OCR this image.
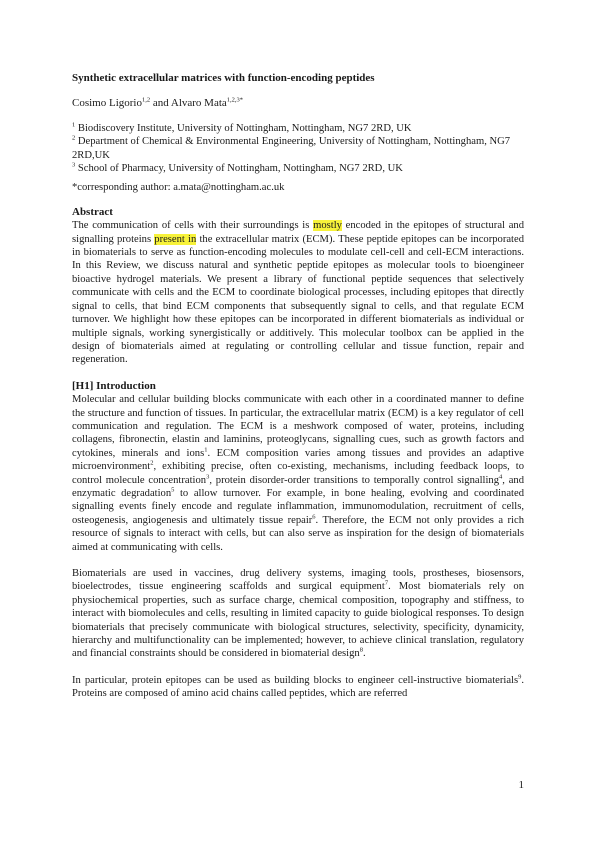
Synthetic extracellular matrices with function-encoding peptides

Cosimo Ligorio$^{1,2}$ and Alvaro Mata$^{1,2,3*}$

$^1$ Biodiscovery Institute, University of Nottingham, Nottingham, NG7 2RD, UK

$^2$ Department of Chemical & Environmental Engineering, University of Nottingham, Nottingham, NG7 2RD,UK

$^3$ School of Pharmacy, University of Nottingham, Nottingham, NG7 2RD, UK

*corresponding author: a.mata@nottingham.ac.uk

Abstract

The communication of cells with their surroundings is mostly encoded in the epitopes of structural and signalling proteins present in the extracellular matrix (ECM). These peptide epitopes can be incorporated in biomaterials to serve as function-encoding molecules to modulate cell-cell and cell-ECM interactions. In this Review, we discuss natural and synthetic peptide epitopes as molecular tools to bioengineer bioactive hydrogel materials. We present a library of functional peptide sequences that selectively communicate with cells and the ECM to coordinate biological processes, including epitopes that directly signal to cells, that bind ECM components that subsequently signal to cells, and that regulate ECM turnover. We highlight how these epitopes can be incorporated in different biomaterials as individual or multiple signals, working synergistically or additively. This molecular toolbox can be applied in the design of biomaterials aimed at regulating or controlling cellular and tissue function, repair and regeneration.

[H1] Introduction

Molecular and cellular building blocks communicate with each other in a coordinated manner to define the structure and function of tissues. In particular, the extracellular matrix (ECM) is a key regulator of cell communication and regulation. The ECM is a meshwork composed of water, proteins, including collagens, fibronectin, elastin and laminins, proteoglycans, signalling cues, such as growth factors and cytokines, minerals and ions$^1$. ECM composition varies among tissues and provides an adaptive microenvironment$^2$, exhibiting precise, often co-existing, mechanisms, including feedback loops, to control molecule concentration$^3$, protein disorder-order transitions to temporally control signalling$^4$, and enzymatic degradation$^5$ to allow turnover. For example, in bone healing, evolving and coordinated signalling events finely encode and regulate inflammation, immunomodulation, recruitment of cells, osteogenesis, angiogenesis and ultimately tissue repair$^6$. Therefore, the ECM not only provides a rich resource of signals to interact with cells, but can also serve as inspiration for the design of biomaterials aimed at communicating with cells.

Biomaterials are used in vaccines, drug delivery systems, imaging tools, prostheses, biosensors, bioelectrodes, tissue engineering scaffolds and surgical equipment$^7$. Most biomaterials rely on physiochemical properties, such as surface charge, chemical composition, topography and stiffness, to interact with biomolecules and cells, resulting in limited capacity to guide biological responses. To design biomaterials that precisely communicate with biological structures, selectivity, specificity, dynamicity, hierarchy and multifunctionality can be implemented; however, to achieve clinical translation, regulatory and financial constraints should be considered in biomaterial design$^8$.

In particular, protein epitopes can be used as building blocks to engineer cell-instructive biomaterials$^9$. Proteins are composed of amino acid chains called peptides, which are referred

1
